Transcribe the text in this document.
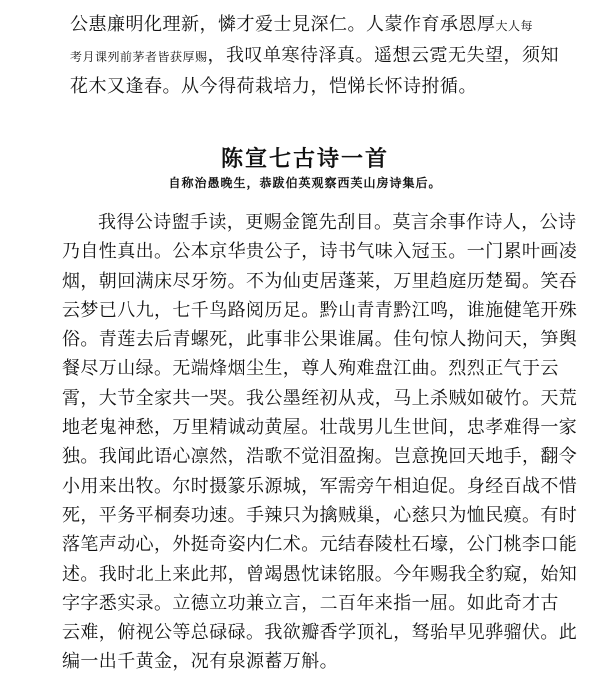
公惠廉明化理新，憐才爱士見深仁。人蒙作育承恩厚大人每
考月课列前茅者皆获厚赐，我叹单寒待泽真。遥想云霓无失望，须知
花木又逢春。从今得荷栽培力，恺悌长怀诗拊循。

陈宣七古诗一首

自称治愚晚生，恭跋伯英观察西芙山房诗集后。

我得公诗盥手读，更赐金篦先刮目。莫言余事作诗人，公诗
乃自性真出。公本京华贵公子，诗书气味入冠玉。一门累叶画凌
烟，朝回满床尽牙笏。不为仙吏居蓬莱，万里趋庭历楚蜀。笑吞
云梦已八九，七千鸟路阅历足。黔山青青黔江鸣，谁施健笔开殊
俗。青莲去后青螺死，此事非公果谁属。佳句惊人拗问天，笋舆
餐尽万山绿。无端烽烟尘生，尊人殉难盘江曲。烈烈正气于云
霄，大节全家共一哭。我公墨绖初从戎，马上杀贼如破竹。天荒
地老鬼神愁，万里精诚动黄屋。壮哉男儿生世间，忠孝难得一家
独。我闻此语心凛然，浩歌不觉泪盈掬。岂意挽回天地手，翻令
小用来出牧。尔时摄篆乐源城，军需旁午相迫促。身经百战不惜
死，平务平桐奏功速。手辣只为擒贼巢，心慈只为恤民瘼。有时
落笔声动心，外挺奇姿内仁术。元结春陵杜石壕，公门桃李口能
述。我时北上来此邦，曾竭愚忱诔铭服。今年赐我全豹窥，始知
字字悉实录。立德立功兼立言，二百年来指一屈。如此奇才古
云难，俯视公等总碌碌。我欲瓣香学顶礼，驽骀早见骅骝伏。此
编一出千黄金，况有泉源蓄万斛。
